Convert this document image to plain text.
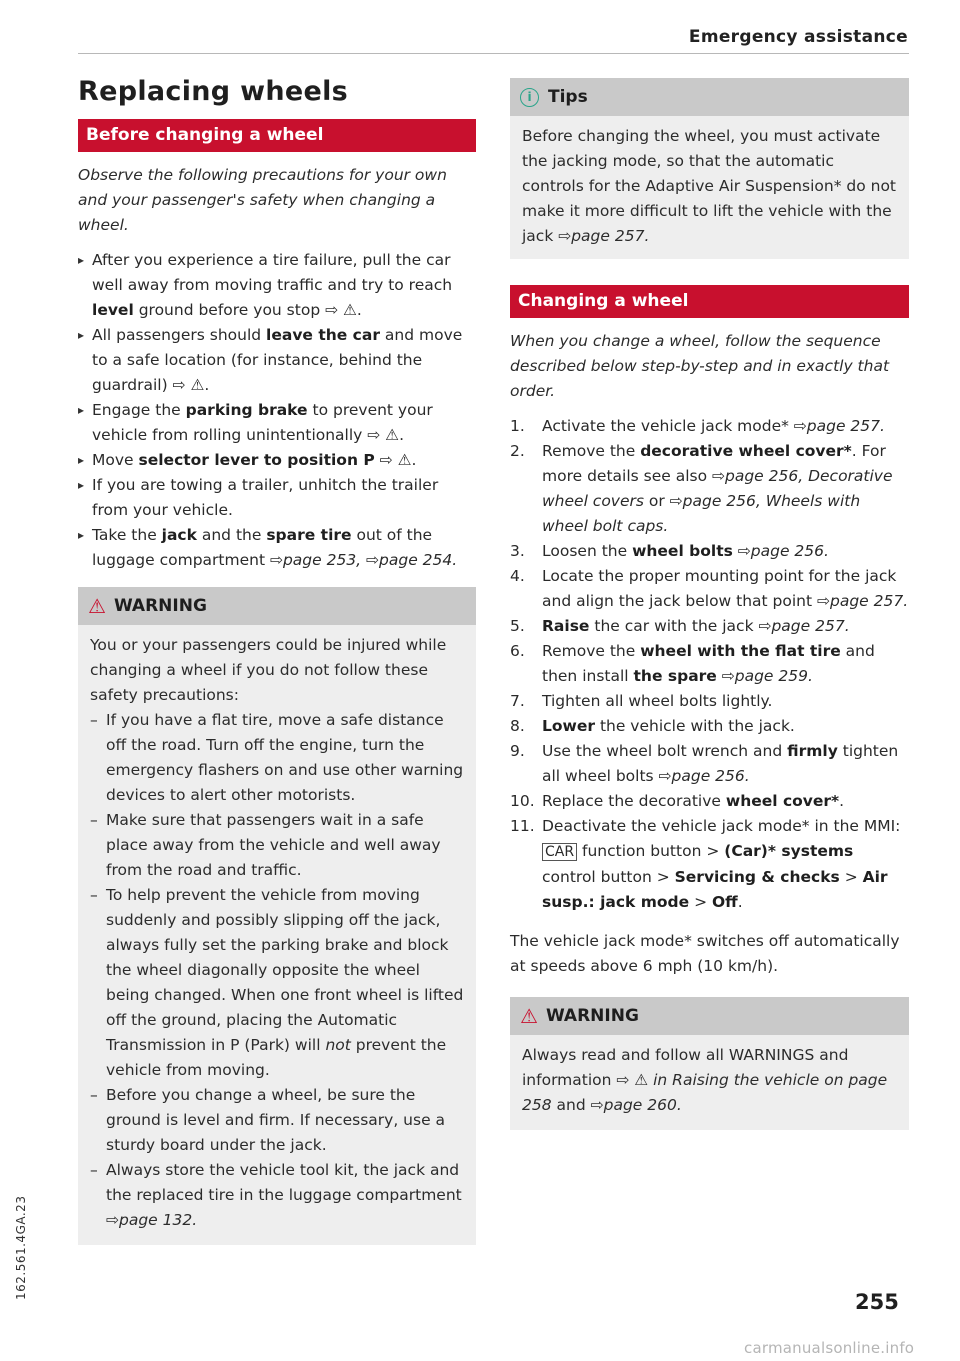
Emergency assistance
Replacing wheels
Before changing a wheel
Observe the following precautions for your own and your passenger's safety when changing a wheel.
▸ After you experience a tire failure, pull the car well away from moving traffic and try to reach level ground before you stop ⇨ ⚠.
▸ All passengers should leave the car and move to a safe location (for instance, behind the guardrail) ⇨ ⚠.
▸ Engage the parking brake to prevent your vehicle from rolling unintentionally ⇨ ⚠.
▸ Move selector lever to position P ⇨ ⚠.
▸ If you are towing a trailer, unhitch the trailer from your vehicle.
▸ Take the jack and the spare tire out of the luggage compartment ⇨page 253, ⇨page 254.
⚠ WARNING
You or your passengers could be injured while changing a wheel if you do not follow these safety precautions:
– If you have a flat tire, move a safe distance off the road. Turn off the engine, turn the emergency flashers on and use other warning devices to alert other motorists.
– Make sure that passengers wait in a safe place away from the vehicle and well away from the road and traffic.
– To help prevent the vehicle from moving suddenly and possibly slipping off the jack, always fully set the parking brake and block the wheel diagonally opposite the wheel being changed. When one front wheel is lifted off the ground, placing the Automatic Transmission in P (Park) will not prevent the vehicle from moving.
– Before you change a wheel, be sure the ground is level and firm. If necessary, use a sturdy board under the jack.
– Always store the vehicle tool kit, the jack and the replaced tire in the luggage compartment ⇨page 132.
i Tips
Before changing the wheel, you must activate the jacking mode, so that the automatic controls for the Adaptive Air Suspension* do not make it more difficult to lift the vehicle with the jack ⇨page 257.
Changing a wheel
When you change a wheel, follow the sequence described below step-by-step and in exactly that order.
1. Activate the vehicle jack mode* ⇨page 257.
2. Remove the decorative wheel cover*. For more details see also ⇨page 256, Decorative wheel covers or ⇨page 256, Wheels with wheel bolt caps.
3. Loosen the wheel bolts ⇨page 256.
4. Locate the proper mounting point for the jack and align the jack below that point ⇨page 257.
5. Raise the car with the jack ⇨page 257.
6. Remove the wheel with the flat tire and then install the spare ⇨page 259.
7. Tighten all wheel bolts lightly.
8. Lower the vehicle with the jack.
9. Use the wheel bolt wrench and firmly tighten all wheel bolts ⇨page 256.
10. Replace the decorative wheel cover*.
11. Deactivate the vehicle jack mode* in the MMI: CAR function button > (Car)* systems control button > Servicing & checks > Air susp.: jack mode > Off.
The vehicle jack mode* switches off automatically at speeds above 6 mph (10 km/h).
⚠ WARNING
Always read and follow all WARNINGS and information ⇨ ⚠ in Raising the vehicle on page 258 and ⇨page 260.
162.561.4GA.23
255
carmanualsonline.info
